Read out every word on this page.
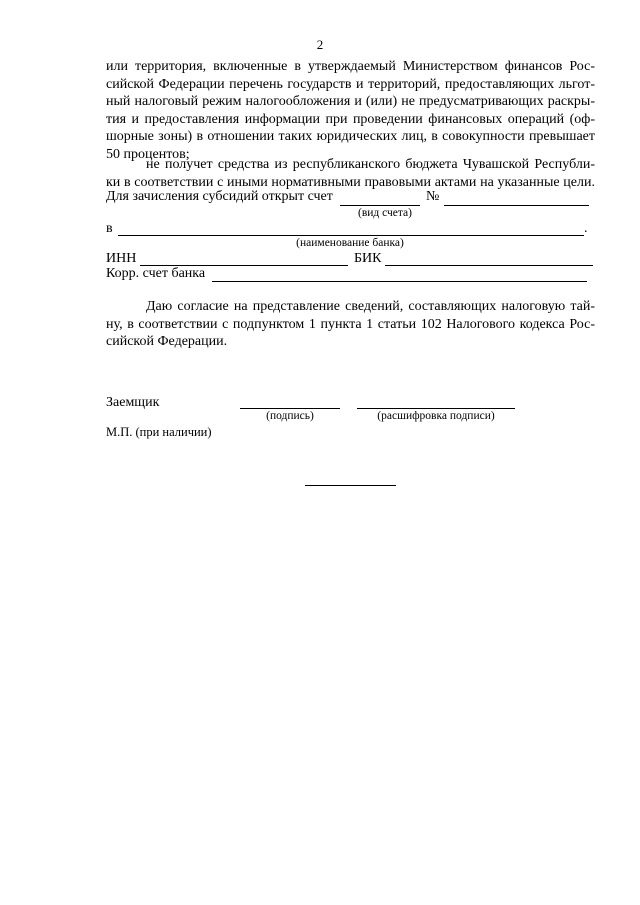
2
или территория, включенные в утверждаемый Министерством финансов Рос-
сийской Федерации перечень государств и территорий, предоставляющих льгот-
ный налоговый режим налогообложения и (или) не предусматривающих раскры-
тия и предоставления информации при проведении финансовых операций (оф-
шорные зоны) в отношении таких юридических лиц, в совокупности превышает
50 процентов;
не получет средства из республиканского бюджета Чувашской Республи-
ки в соответствии с иными нормативными правовыми актами на указанные цели.
Для зачисления субсидий открыт счет	№
(вид счета)
в	.
(наименование банка)
ИНН	БИК
Корр. счет банка
Даю согласие на представление сведений, составляющих налоговую тай-
ну, в соответствии с подпунктом 1 пункта 1 статьи 102 Налогового кодекса Рос-
сийской Федерации.
Заемщик
(подпись)	(расшифровка подписи)
М.П. (при наличии)
